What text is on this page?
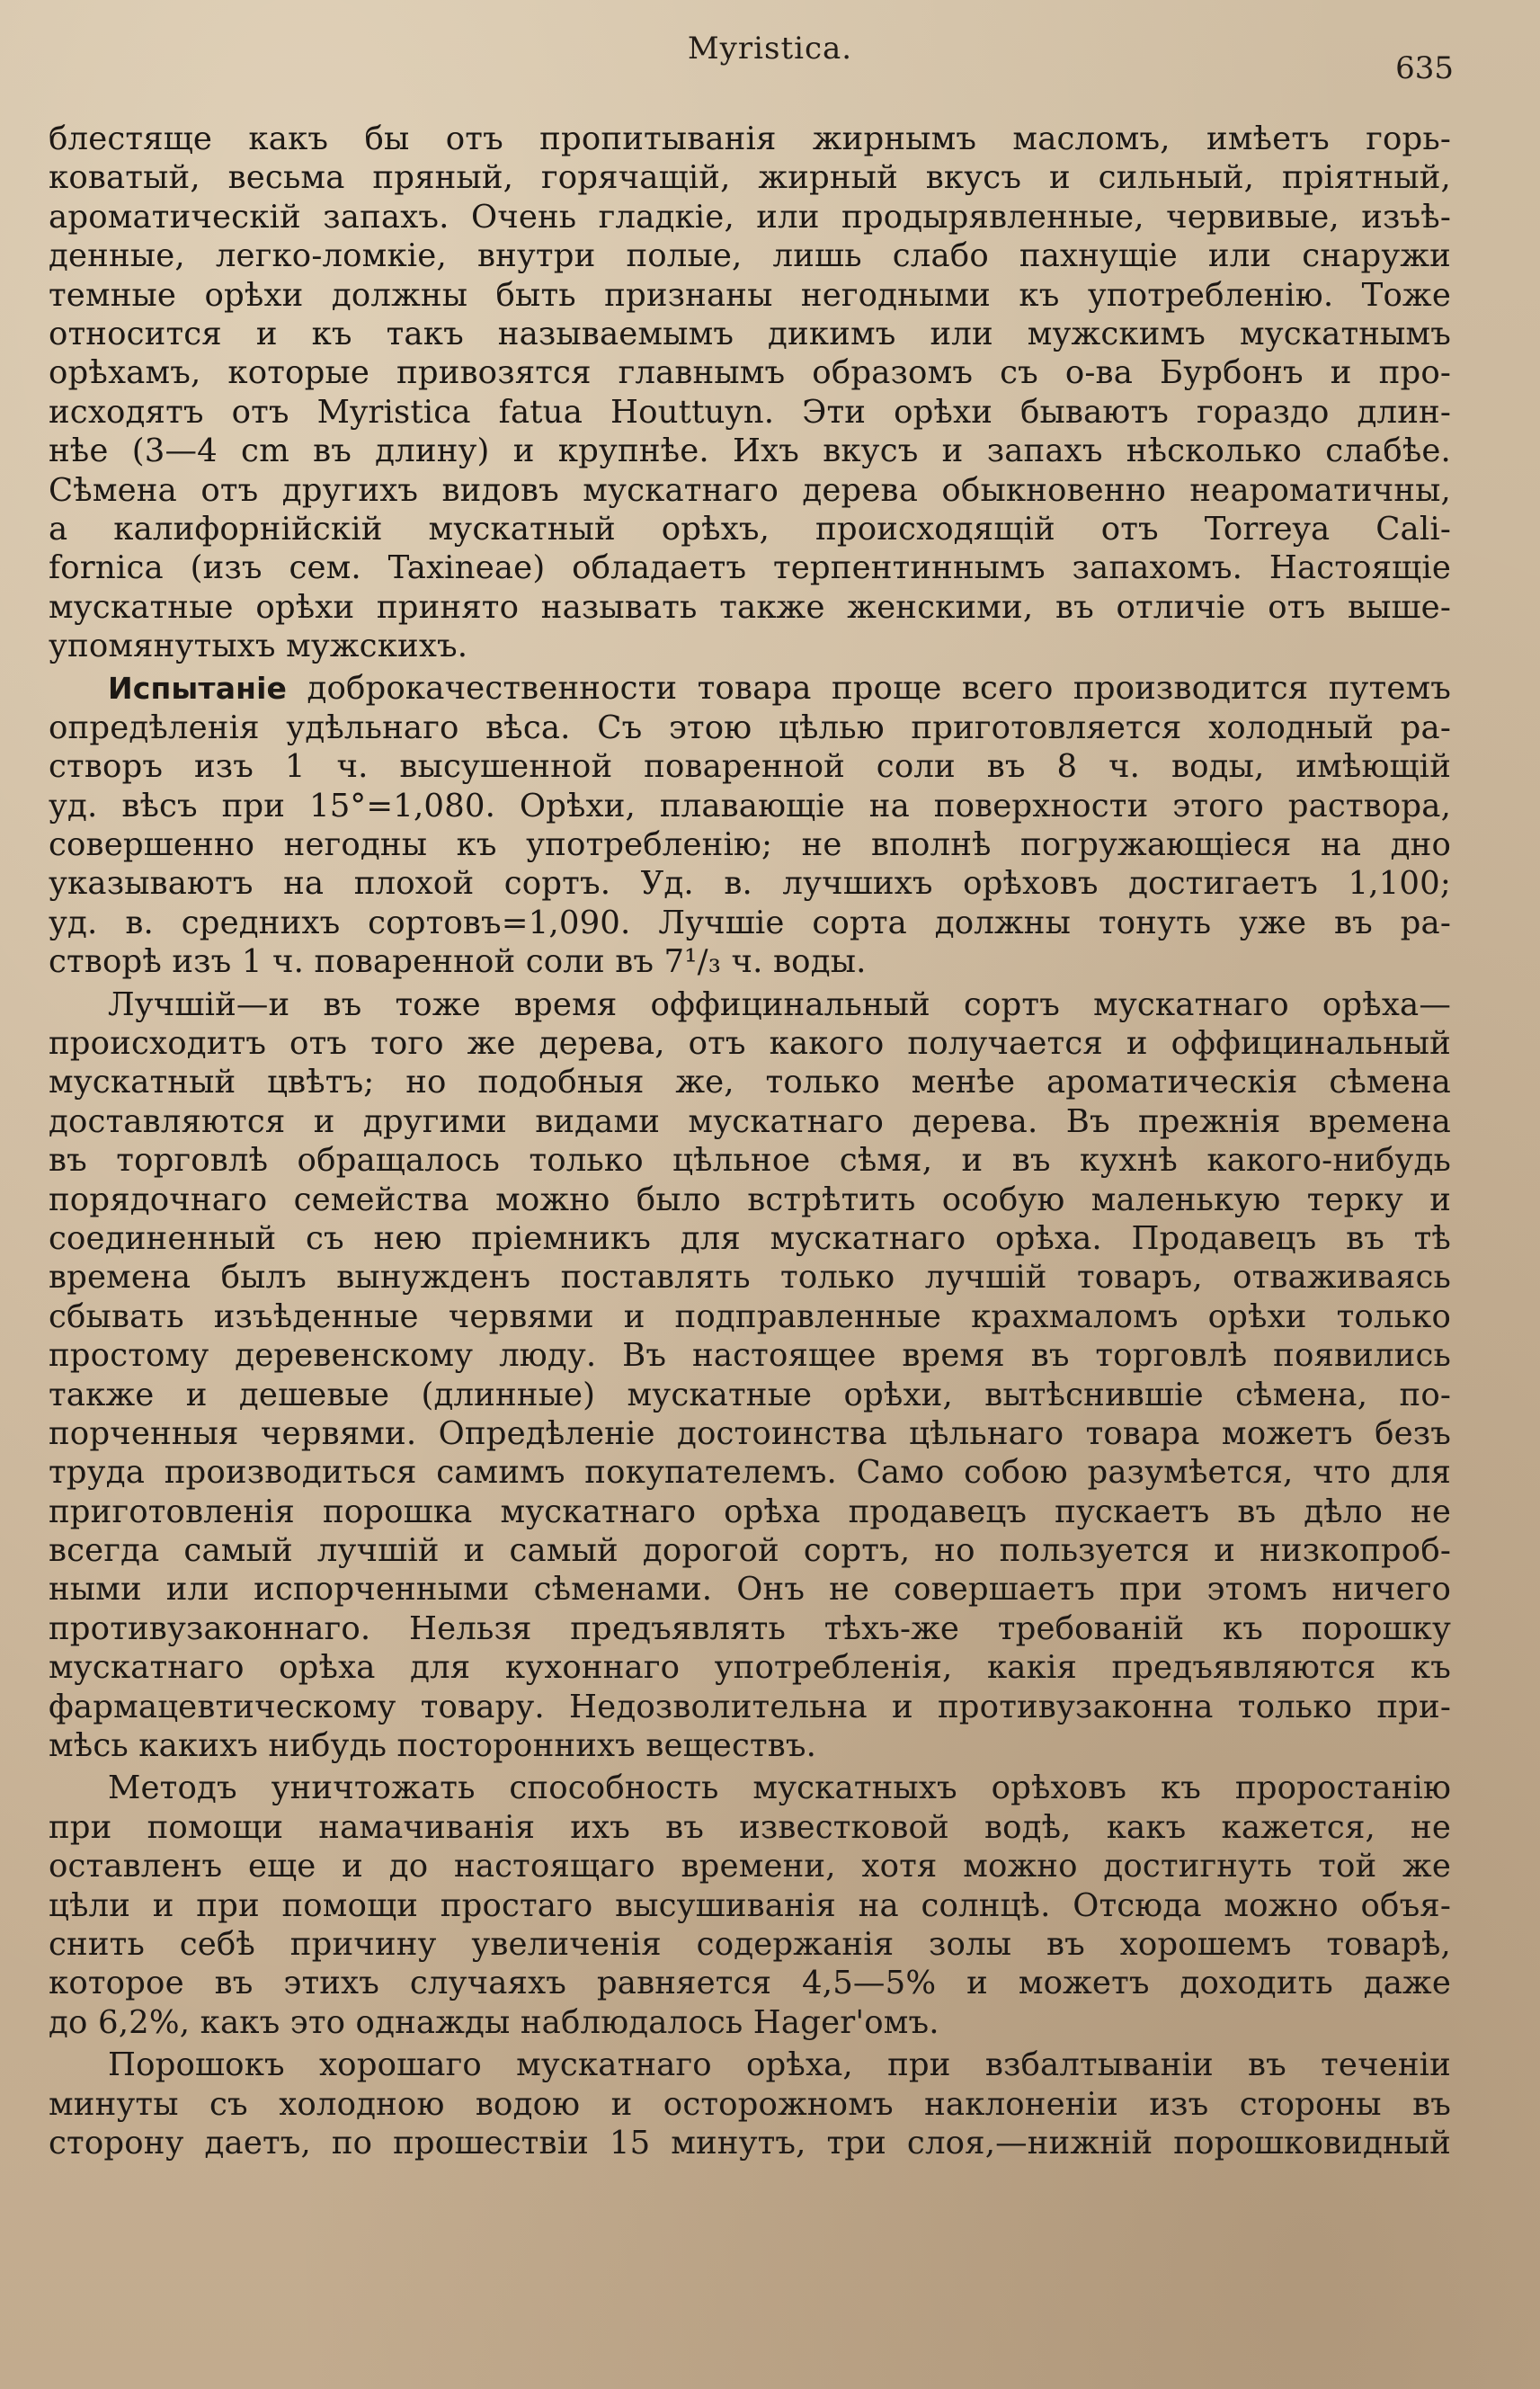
Myristica.
635
блестяще какъ бы отъ пропитыванія жирнымъ масломъ, имѣетъ горь-
коватый, весьма пряный, горячащій, жирный вкусъ и сильный, пріятный,
ароматическій запахъ. Очень гладкіе, или продырявленные, червивые, изъѣ-
денные, легко-ломкіе, внутри полые, лишь слабо пахнущіе или снаружи
темные орѣхи должны быть признаны негодными къ употребленію. Тоже
относится и къ такъ называемымъ дикимъ или мужскимъ мускатнымъ
орѣхамъ, которые привозятся главнымъ образомъ съ о-ва Бурбонъ и про-
исходятъ отъ Myristica fatua Houttuyn. Эти орѣхи бываютъ гораздо длин-
нѣе (3—4 cm въ длину) и крупнѣе. Ихъ вкусъ и запахъ нѣсколько слабѣе.
Сѣмена отъ другихъ видовъ мускатнаго дерева обыкновенно неароматичны,
а калифорнійскій мускатный орѣхъ, происходящій отъ Torreya Cali-
fornica (изъ сем. Taxineae) обладаетъ терпентиннымъ запахомъ. Настоящіе
мускатные орѣхи принято называть также женскими, въ отличіе отъ выше-
упомянутыхъ мужскихъ.
Испытаніе доброкачественности товара проще всего производится путемъ
опредѣленія удѣльнаго вѣса. Съ этою цѣлью приготовляется холодный ра-
створъ изъ 1 ч. высушенной поваренной соли въ 8 ч. воды, имѣющій
уд. вѣсъ при 15°=1,080. Орѣхи, плавающіе на поверхности этого раствора,
совершенно негодны къ употребленію; не вполнѣ погружающіеся на дно
указываютъ на плохой сортъ. Уд. в. лучшихъ орѣховъ достигаетъ 1,100;
уд. в. среднихъ сортовъ=1,090. Лучшіе сорта должны тонуть уже въ ра-
створѣ изъ 1 ч. поваренной соли въ 7¹/₃ ч. воды.
Лучшій—и въ тоже время оффицинальный сортъ мускатнаго орѣха—
происходитъ отъ того же дерева, отъ какого получается и оффицинальный
мускатный цвѣтъ; но подобныя же, только менѣе ароматическія сѣмена
доставляются и другими видами мускатнаго дерева. Въ прежнія времена
въ торговлѣ обращалось только цѣльное сѣмя, и въ кухнѣ какого-нибудь
порядочнаго семейства можно было встрѣтить особую маленькую терку и
соединенный съ нею пріемникъ для мускатнаго орѣха. Продавецъ въ тѣ
времена былъ вынужденъ поставлять только лучшій товаръ, отваживаясь
сбывать изъѣденные червями и подправленные крахмаломъ орѣхи только
простому деревенскому люду. Въ настоящее время въ торговлѣ появились
также и дешевые (длинные) мускатные орѣхи, вытѣснившіе сѣмена, по-
порченныя червями. Опредѣленіе достоинства цѣльнаго товара можетъ безъ
труда производиться самимъ покупателемъ. Само собою разумѣется, что для
приготовленія порошка мускатнаго орѣха продавецъ пускаетъ въ дѣло не
всегда самый лучшій и самый дорогой сортъ, но пользуется и низкопроб-
ными или испорченными сѣменами. Онъ не совершаетъ при этомъ ничего
противузаконнаго. Нельзя предъявлять тѣхъ-же требованій къ порошку
мускатнаго орѣха для кухоннаго употребленія, какія предъявляются къ
фармацевтическому товару. Недозволительна и противузаконна только при-
мѣсь какихъ нибудь постороннихъ веществъ.
Методъ уничтожать способность мускатныхъ орѣховъ къ проростанію
при помощи намачиванія ихъ въ известковой водѣ, какъ кажется, не
оставленъ еще и до настоящаго времени, хотя можно достигнуть той же
цѣли и при помощи простаго высушиванія на солнцѣ. Отсюда можно объя-
снить себѣ причину увеличенія содержанія золы въ хорошемъ товарѣ,
которое въ этихъ случаяхъ равняется 4,5—5% и можетъ доходить даже
до 6,2%, какъ это однажды наблюдалось Hager'омъ.
Порошокъ хорошаго мускатнаго орѣха, при взбалтываніи въ теченіи
минуты съ холодною водою и осторожномъ наклоненіи изъ стороны въ
сторону даетъ, по прошествіи 15 минутъ, три слоя,—нижній порошковидный
